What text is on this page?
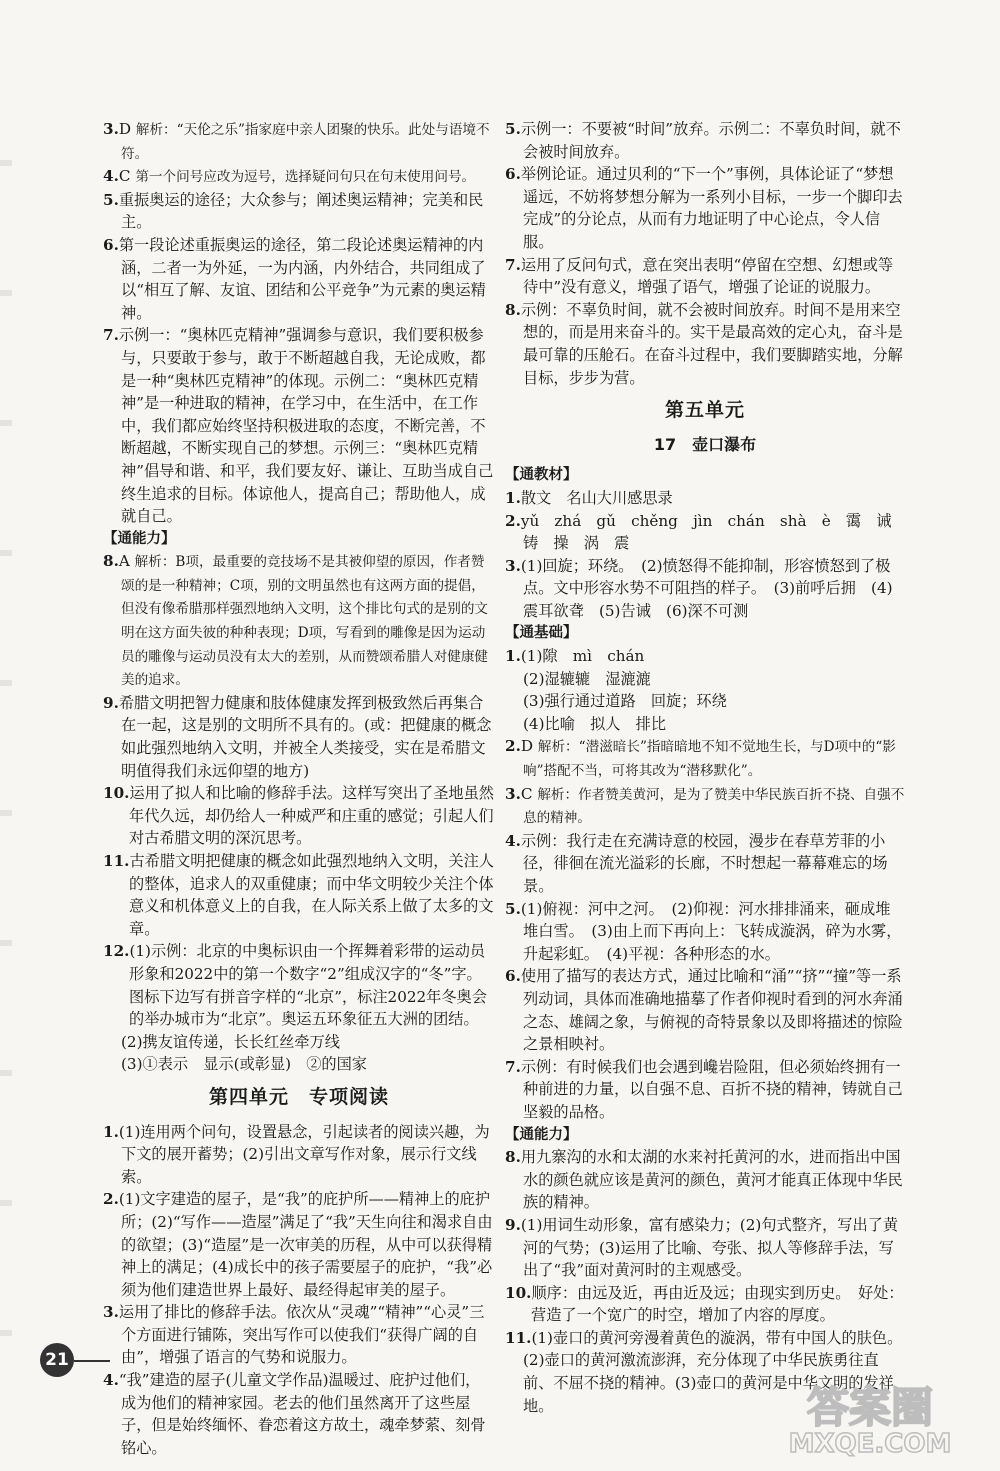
3.D 解析：“天伦之乐”指家庭中亲人团聚的快乐。此处与语境不符。

4.C 第一个问号应改为逗号，选择疑问句只在句末使用问号。

5.重振奥运的途径；大众参与；阐述奥运精神；完美和民主。

6.第一段论述重振奥运的途径，第二段论述奥运精神的内涵，二者一为外延，一为内涵，内外结合，共同组成了以“相互了解、友谊、团结和公平竞争”为元素的奥运精神。

7.示例一：“奥林匹克精神”强调参与意识，我们要积极参与，只要敢于参与，敢于不断超越自我，无论成败，都是一种“奥林匹克精神”的体现。示例二：“奥林匹克精神”是一种进取的精神，在学习中，在生活中，在工作中，我们都应始终坚持积极进取的态度，不断完善，不断超越，不断实现自己的梦想。示例三：“奥林匹克精神”倡导和谐、和平，我们要友好、谦让、互助当成自己终生追求的目标。体谅他人，提高自己；帮助他人，成就自己。

【通能力】

8.A 解析：B项，最重要的竞技场不是其被仰望的原因，作者赞颂的是一种精神；C项，别的文明虽然也有这两方面的提倡，但没有像希腊那样强烈地纳入文明，这个排比句式的是别的文明在这方面失彼的种种表现；D项，写看到的雕像是因为运动员的雕像与运动员没有太大的差别，从而赞颂希腊人对健康健美的追求。

9.希腊文明把智力健康和肢体健康发挥到极致然后再集合在一起，这是别的文明所不具有的。(或：把健康的概念如此强烈地纳入文明，并被全人类接受，实在是希腊文明值得我们永远仰望的地方)

10.运用了拟人和比喻的修辞手法。这样写突出了圣地虽然年代久远，却仍给人一种威严和庄重的感觉；引起人们对古希腊文明的深沉思考。

11.古希腊文明把健康的概念如此强烈地纳入文明，关注人的整体，追求人的双重健康；而中华文明较少关注个体意义和机体意义上的自我，在人际关系上做了太多的文章。

12.(1)示例：北京的中奥标识由一个挥舞着彩带的运动员形象和2022中的第一个数字“2”组成汉字的“冬”字。图标下边写有拼音字样的“北京”，标注2022年冬奥会的举办城市为“北京”。奥运五环象征五大洲的团结。

(2)携友谊传递，长长红丝牵万线

(3)①表示　显示(或彰显)　②的国家

第四单元　专项阅读

1.(1)连用两个问句，设置悬念，引起读者的阅读兴趣，为下文的展开蓄势；(2)引出文章写作对象，展示行文线索。

2.(1)文字建造的屋子，是“我”的庇护所——精神上的庇护所；(2)“写作——造屋”满足了“我”天生向往和渴求自由的欲望；(3)“造屋”是一次审美的历程，从中可以获得精神上的满足；(4)成长中的孩子需要屋子的庇护，“我”必须为他们建造世界上最好、最经得起审美的屋子。

3.运用了排比的修辞手法。依次从“灵魂”“精神”“心灵”三个方面进行铺陈，突出写作可以使我们“获得广阔的自由”，增强了语言的气势和说服力。

4.“我”建造的屋子(儿童文学作品)温暖过、庇护过他们，成为他们的精神家园。老去的他们虽然离开了这些屋子，但是始终缅怀、眷恋着这方故土，魂牵梦萦、刻骨铭心。

5.示例一：不要被“时间”放弃。示例二：不辜负时间，就不会被时间放弃。

6.举例论证。通过贝利的“下一个”事例，具体论证了“梦想遥远，不妨将梦想分解为一系列小目标，一步一个脚印去完成”的分论点，从而有力地证明了中心论点，令人信服。

7.运用了反问句式，意在突出表明“停留在空想、幻想或等待中”没有意义，增强了语气，增强了论证的说服力。

8.示例：不辜负时间，就不会被时间放弃。时间不是用来空想的，而是用来奋斗的。实干是最高效的定心丸，奋斗是最可靠的压舱石。在奋斗过程中，我们要脚踏实地，分解目标，步步为营。

第五单元

17　壶口瀑布

【通教材】

1.散文　名山大川感思录

2.yǔ　zhá　gǔ　chěng　jìn　chán　shà　è　霭　诫　铸　操　涡　震

3.(1)回旋；环绕。　(2)愤怒得不能抑制，形容愤怒到了极点。文中形容水势不可阻挡的样子。　(3)前呼后拥　(4)震耳欲聋　(5)告诫　(6)深不可测

【通基础】

1.(1)隙　mì　chán

(2)湿辘辘　湿漉漉

(3)强行通过道路　回旋；环绕

(4)比喻　拟人　排比

2.D 解析：“潜滋暗长”指暗暗地不知不觉地生长，与D项中的“影响”搭配不当，可将其改为“潜移默化”。

3.C 解析：作者赞美黄河，是为了赞美中华民族百折不挠、自强不息的精神。

4.示例：我行走在充满诗意的校园，漫步在春草芳菲的小径，徘徊在流光溢彩的长廊，不时想起一幕幕难忘的场景。

5.(1)俯视：河中之河。　(2)仰视：河水排排涌来，砸成堆堆白雪。　(3)由上而下再向上：飞转成漩涡，碎为水雾，升起彩虹。　(4)平视：各种形态的水。

6.使用了描写的表达方式，通过比喻和“涌”“挤”“撞”等一系列动词，具体而准确地描摹了作者仰视时看到的河水奔涌之态、雄阔之象，与俯视的奇特景象以及即将描述的惊险之景相映衬。

7.示例：有时候我们也会遇到巉岩险阻，但必须始终拥有一种前进的力量，以自强不息、百折不挠的精神，铸就自己坚毅的品格。

【通能力】

8.用九寨沟的水和太湖的水来衬托黄河的水，进而指出中国水的颜色就应该是黄河的颜色，黄河才能真正体现中华民族的精神。

9.(1)用词生动形象，富有感染力；(2)句式整齐，写出了黄河的气势；(3)运用了比喻、夸张、拟人等修辞手法，写出了“我”面对黄河时的主观感受。

10.顺序：由远及近，再由近及远；由现实到历史。　好处：营造了一个宽广的时空，增加了内容的厚度。

11.(1)壶口的黄河旁漫着黄色的漩涡，带有中国人的肤色。

(2)壶口的黄河激流澎湃，充分体现了中华民族勇往直前、不屈不挠的精神。(3)壶口的黄河是中华文明的发祥地。

21
答案圈
MXQE.COM
